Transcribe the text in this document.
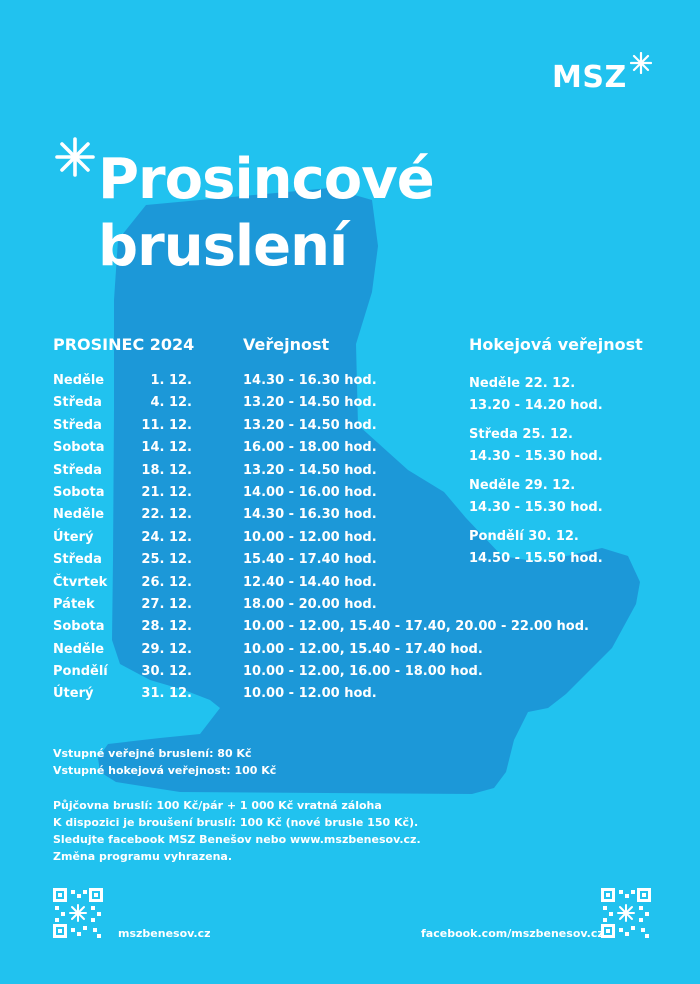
MSZ
Prosincové
bruslení
PROSINEC 2024	Veřejnost	Hokejová veřejnost
Neděle	1. 12.	14.30 - 16.30 hod.
Středa	4. 12.	13.20 - 14.50 hod.
Středa	11. 12.	13.20 - 14.50 hod.
Sobota	14. 12.	16.00 - 18.00 hod.
Středa	18. 12.	13.20 - 14.50 hod.
Sobota	21. 12.	14.00 - 16.00 hod.
Neděle	22. 12.	14.30 - 16.30 hod.
Úterý	24. 12.	10.00 - 12.00 hod.
Středa	25. 12.	15.40 - 17.40 hod.
Čtvrtek	26. 12.	12.40 - 14.40 hod.
Pátek	27. 12.	18.00 - 20.00 hod.
Sobota	28. 12.	10.00 - 12.00, 15.40 - 17.40, 20.00 - 22.00 hod.
Neděle	29. 12.	10.00 - 12.00, 15.40 - 17.40 hod.
Pondělí	30. 12.	10.00 - 12.00, 16.00 - 18.00 hod.
Úterý	31. 12.	10.00 - 12.00 hod.
Neděle 22. 12.
13.20 - 14.20 hod.
Středa 25. 12.
14.30 - 15.30 hod.
Neděle 29. 12.
14.30 - 15.30 hod.
Pondělí 30. 12.
14.50 - 15.50 hod.
Vstupné veřejné bruslení: 80 Kč
Vstupné hokejová veřejnost: 100 Kč
Půjčovna bruslí: 100 Kč/pár + 1 000 Kč vratná záloha
K dispozici je broušení bruslí: 100 Kč (nové brusle 150 Kč).
Sledujte facebook MSZ Benešov nebo www.mszbenesov.cz.
Změna programu vyhrazena.
mszbenesov.cz	facebook.com/mszbenesov.cz
